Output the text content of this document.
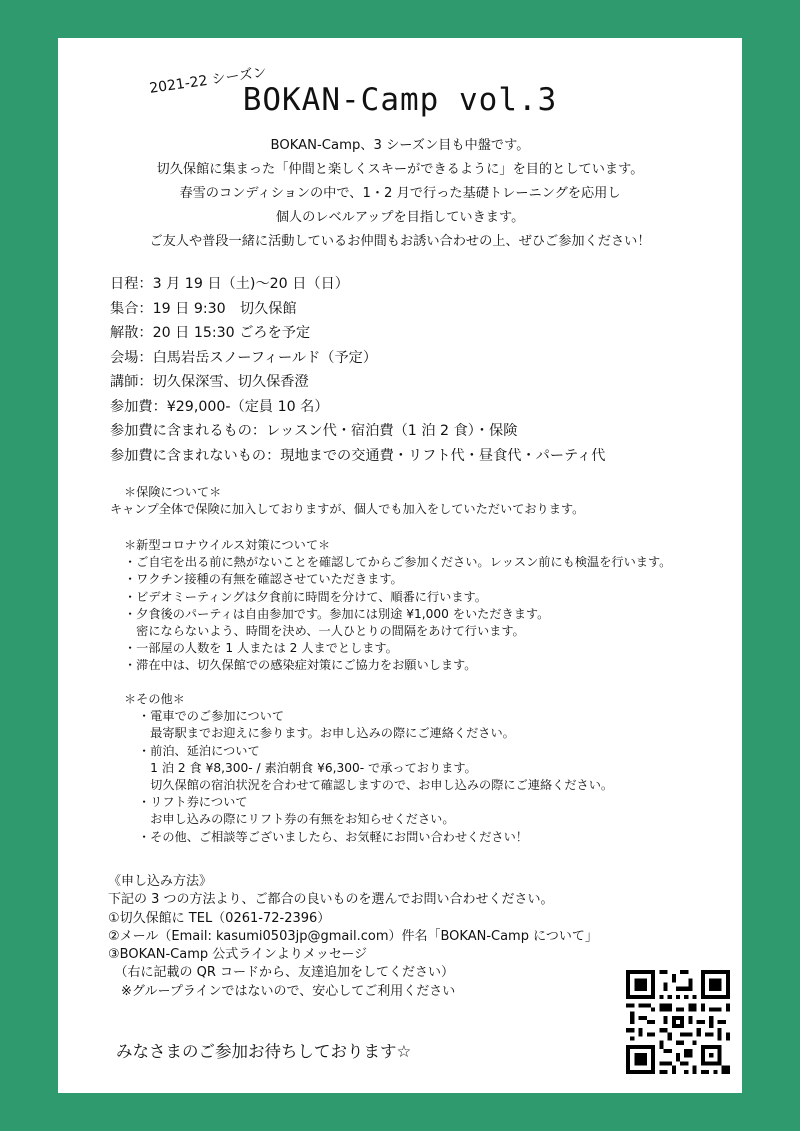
2021-22 シーズン
BOKAN-Camp vol.3
BOKAN-Camp、3 シーズン目も中盤です。
切久保館に集まった「仲間と楽しくスキーができるように」を目的としています。
春雪のコンディションの中で、1・2 月で行った基礎トレーニングを応用し
個人のレベルアップを目指していきます。
ご友人や普段一緒に活動しているお仲間もお誘い合わせの上、ぜひご参加ください！
日程：3 月 19 日（土)〜20 日（日）
集合：19 日 9:30　切久保館
解散：20 日 15:30 ごろを予定
会場：白馬岩岳スノーフィールド（予定）
講師：切久保深雪、切久保香澄
参加費：¥29,000-（定員 10 名）
参加費に含まれるもの：レッスン代・宿泊費（1 泊 2 食）・保険
参加費に含まれないもの：現地までの交通費・リフト代・昼食代・パーティ代
＊保険について＊
キャンプ全体で保険に加入しておりますが、個人でも加入をしていただいております。
＊新型コロナウイルス対策について＊
・ご自宅を出る前に熱がないことを確認してからご参加ください。レッスン前にも検温を行います。
・ワクチン接種の有無を確認させていただきます。
・ビデオミーティングは夕食前に時間を分けて、順番に行います。
・夕食後のパーティは自由参加です。参加には別途 ¥1,000 をいただきます。
　密にならないよう、時間を決め、一人ひとりの間隔をあけて行います。
・一部屋の人数を 1 人または 2 人までとします。
・滞在中は、切久保館での感染症対策にご協力をお願いします。
＊その他＊
・電車でのご参加について
　最寄駅までお迎えに参ります。お申し込みの際にご連絡ください。
・前泊、延泊について
　1 泊 2 食 ¥8,300- / 素泊朝食 ¥6,300- で承っております。
　切久保館の宿泊状況を合わせて確認しますので、お申し込みの際にご連絡ください。
・リフト券について
　お申し込みの際にリフト券の有無をお知らせください。
・その他、ご相談等ございましたら、お気軽にお問い合わせください！
《申し込み方法》
下記の 3 つの方法より、ご都合の良いものを選んでお問い合わせください。
①切久保館に TEL（0261-72-2396）
②メール（Email: kasumi0503jp@gmail.com）件名「BOKAN-Camp について」
③BOKAN-Camp 公式ラインよりメッセージ
　（右に記載の QR コードから、友達追加をしてください）
　※グループラインではないので、安心してご利用ください
みなさまのご参加お待ちしております☆
